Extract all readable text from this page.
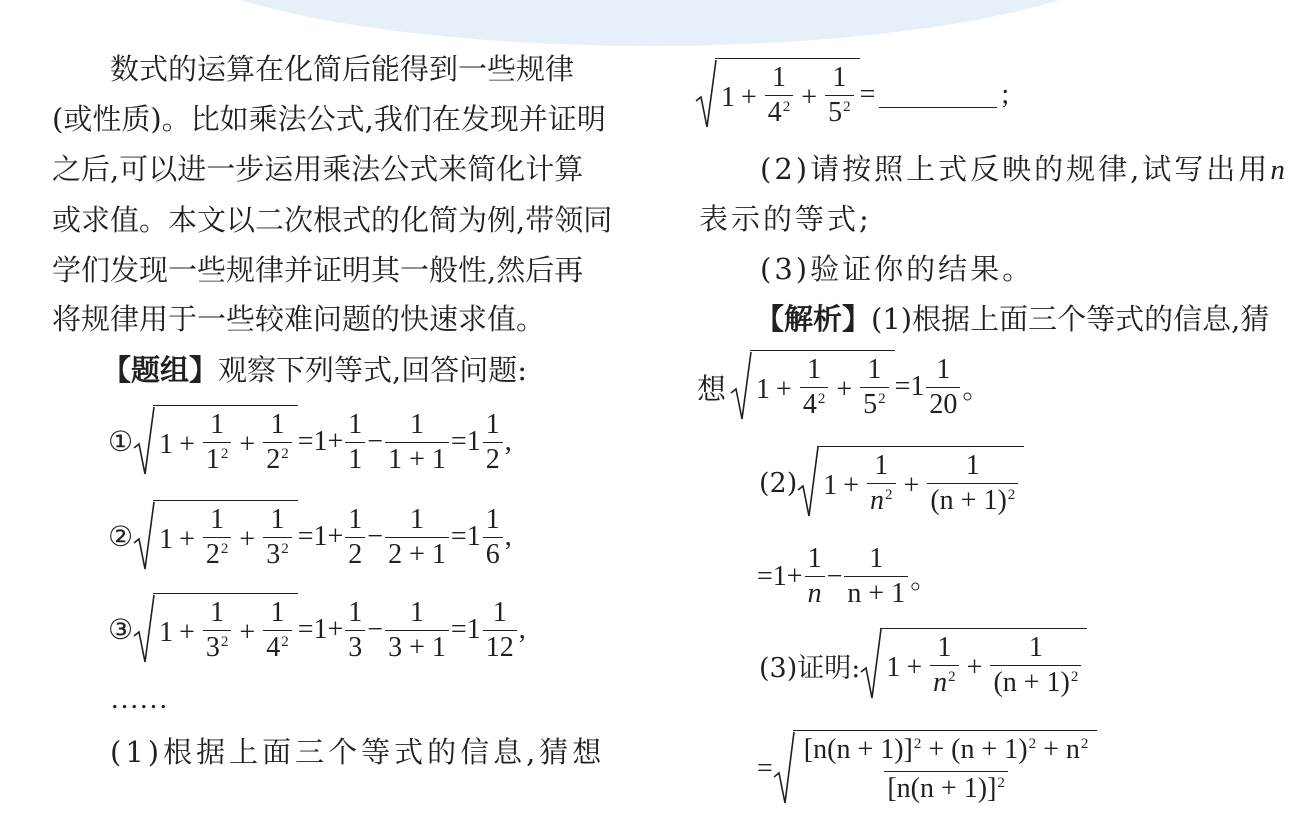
数式的运算在化简后能得到一些规律
(或性质)。比如乘法公式,我们在发现并证明
之后,可以进一步运用乘法公式来简化计算
或求值。本文以二次根式的化简为例,带领同
学们发现一些规律并证明其一般性,然后再
将规律用于一些较难问题的快速求值。
【题组】观察下列等式,回答问题:
① $1 + \frac{1}{1^2} + \frac{1}{2^2} = 1 + \frac{1}{1} - \frac{1}{1 + 1} = 1 \frac{1}{2}$ ,
② $1 + \frac{1}{2^2} + \frac{1}{3^2} = 1 + \frac{1}{2} - \frac{1}{2 + 1} = 1 \frac{1}{6}$ ,
③ $1 + \frac{1}{3^2} + \frac{1}{4^2} = 1 + \frac{1}{3} - \frac{1}{3 + 1} = 1 \frac{1}{12}$ ,
……
(1)根据上面三个等式的信息,猜想
$1 + \frac{1}{4^2} + \frac{1}{5^2}$ =	;
(2)请按照上式反映的规律,试写出用n
表示的等式;
(3)验证你的结果。
【解析】(1)根据上面三个等式的信息,猜
想 $1 + \frac{1}{4^2} + \frac{1}{5^2} = 1 \frac{1}{20}$ 。
(2) $1 + \frac{1}{n^2} + \frac{1}{(n + 1)^2}$
= $1 + \frac{1}{n} - \frac{1}{n + 1}$ 。
(3)证明: $1 + \frac{1}{n^2} + \frac{1}{(n + 1)^2}$
= $\frac{[n(n + 1)]^2 + (n + 1)^2 + n^2}{[n(n + 1)]^2}$
